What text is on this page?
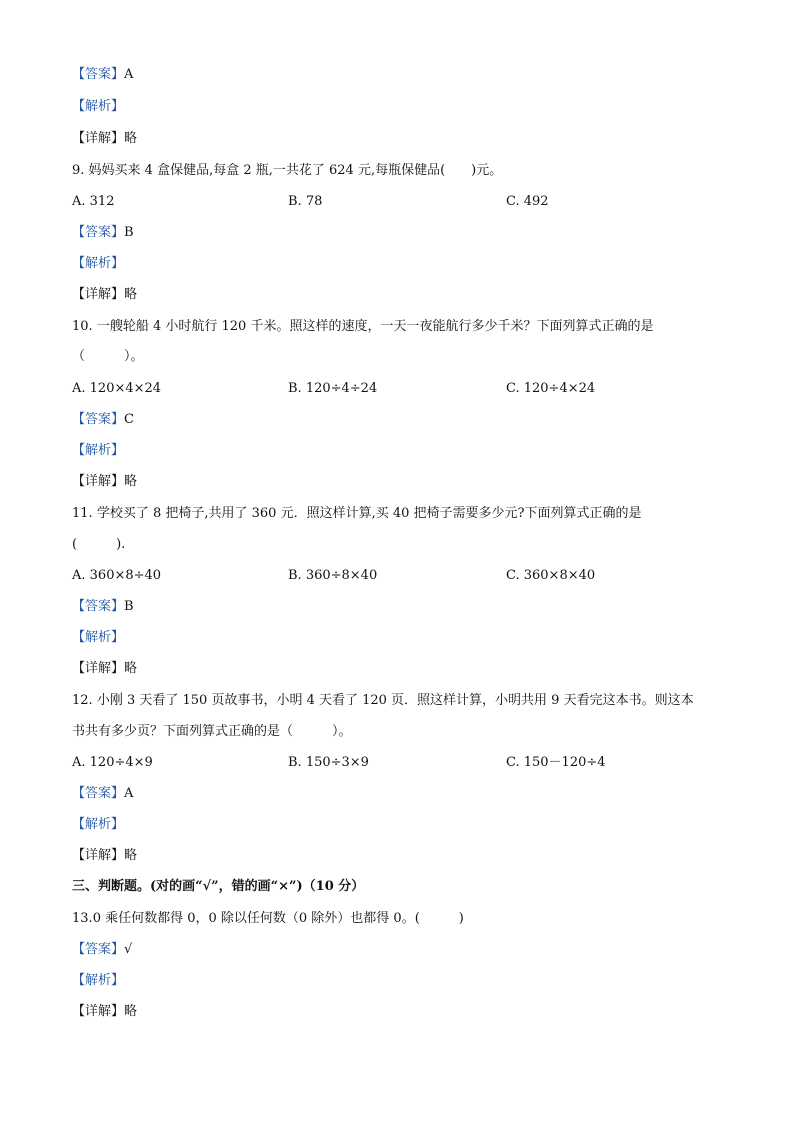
【答案】A
【解析】
【详解】略
9. 妈妈买来 4 盒保健品,每盒 2 瓶,一共花了 624 元,每瓶保健品(　　)元。
A. 312	B. 78	C. 492
【答案】B
【解析】
【详解】略
10. 一艘轮船 4 小时航行 120 千米。照这样的速度，一天一夜能航行多少千米？下面列算式正确的是
（　　　）。
A. 120×4×24	B. 120÷4÷24	C. 120÷4×24
【答案】C
【解析】
【详解】略
11. 学校买了 8 把椅子,共用了 360 元．照这样计算,买 40 把椅子需要多少元?下面列算式正确的是
(　　　).
A. 360×8÷40	B. 360÷8×40	C. 360×8×40
【答案】B
【解析】
【详解】略
12. 小刚 3 天看了 150 页故事书，小明 4 天看了 120 页．照这样计算，小明共用 9 天看完这本书。则这本
书共有多少页？下面列算式正确的是（　　　）。
A. 120÷4×9	B. 150÷3×9	C. 150－120÷4
【答案】A
【解析】
【详解】略
三、判断题。(对的画“√”，错的画“×”)（10 分）
13.0 乘任何数都得 0，0 除以任何数（0 除外）也都得 0。(　　　)
【答案】√
【解析】
【详解】略
